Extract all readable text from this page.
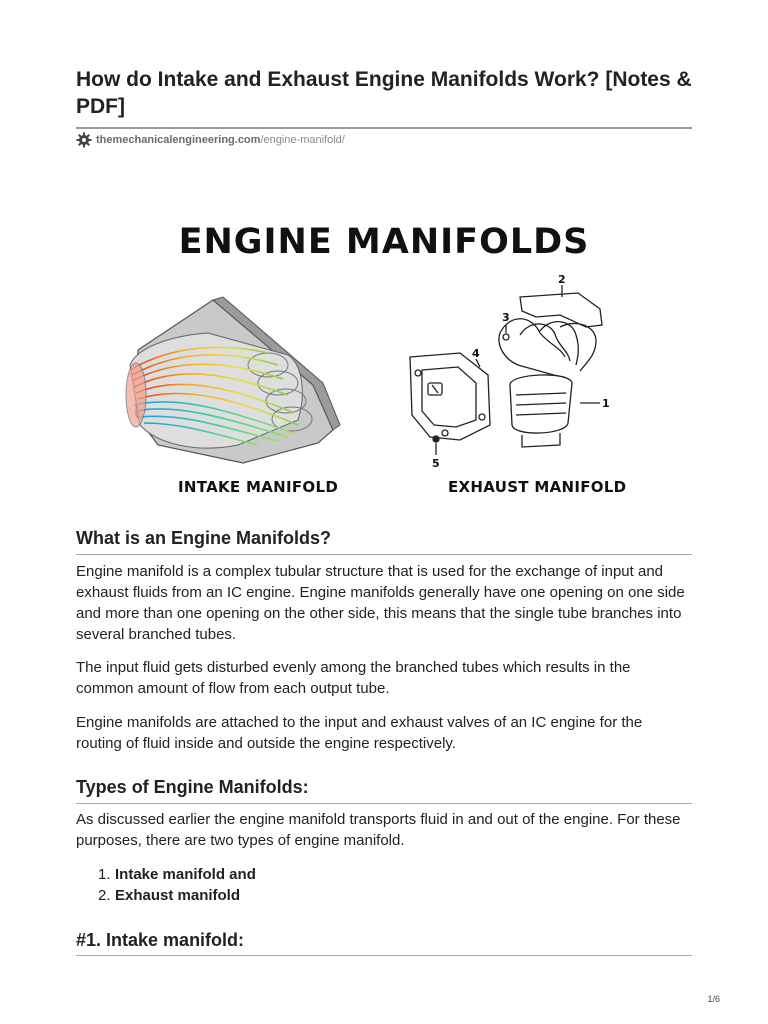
How do Intake and Exhaust Engine Manifolds Work? [Notes & PDF]
themechanicalengineering.com /engine-manifold/
ENGINE MANIFOLDS
1
2
3
4
5
INTAKE MANIFOLD	EXHAUST MANIFOLD
What is an Engine Manifolds?

Engine manifold is a complex tubular structure that is used for the exchange of input and exhaust fluids from an IC engine. Engine manifolds generally have one opening on one side and more than one opening on the other side, this means that the single tube branches into several branched tubes.

The input fluid gets disturbed evenly among the branched tubes which results in the common amount of flow from each output tube.

Engine manifolds are attached to the input and exhaust valves of an IC engine for the routing of fluid inside and outside the engine respectively.

Types of Engine Manifolds:

As discussed earlier the engine manifold transports fluid in and out of the engine. For these purposes, there are two types of engine manifold.

1. Intake manifold and
2. Exhaust manifold
#1. Intake manifold:
1/6
